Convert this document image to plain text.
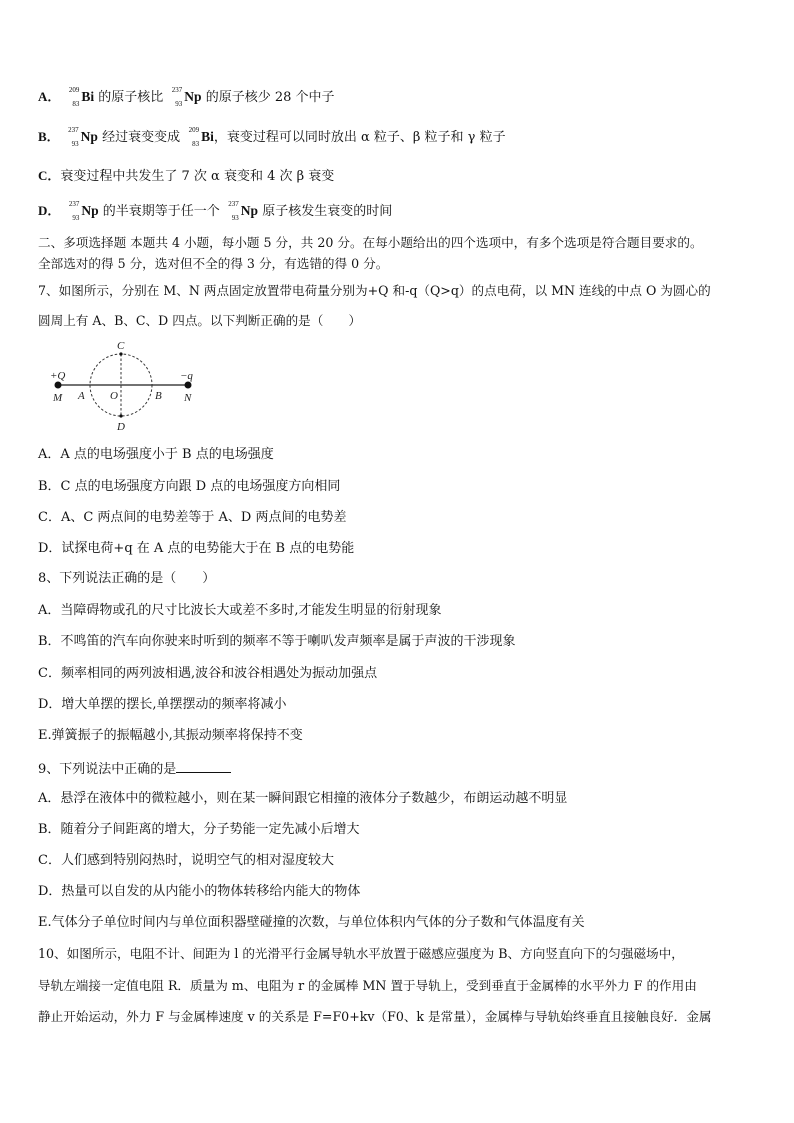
A． 209
83 Bi 的原子核比
237
93 Np 的原子核少 28 个中子
B． 237
93 Np 经过衰变变成
209
83 Bi，衰变过程可以同时放出 α 粒子、β 粒子和 γ 粒子
C．衰变过程中共发生了 7 次 α 衰变和 4 次 β 衰变
D． 237
93 Np 的半衰期等于任一个
237
93 Np 原子核发生衰变的时间
二、多项选择题 本题共 4 小题，每小题 5 分，共 20 分。在每小题给出的四个选项中，有多个选项是符合题目要求的。
全部选对的得 5 分，选对但不全的得 3 分，有选错的得 0 分。
7、如图所示，分别在 M、N 两点固定放置带电荷量分别为+Q 和-q（Q>q）的点电荷，以 MN 连线的中点 O 为圆心的
圆周上有 A、B、C、D 四点。以下判断正确的是（　　）
+Q	−q
M	N
A O	B
C
D
A．A 点的电场强度小于 B 点的电场强度
B．C 点的电场强度方向跟 D 点的电场强度方向相同
C．A、C 两点间的电势差等于 A、D 两点间的电势差
D．试探电荷+q 在 A 点的电势能大于在 B 点的电势能
8、下列说法正确的是（　　）
A．当障碍物或孔的尺寸比波长大或差不多时,才能发生明显的衍射现象
B．不鸣笛的汽车向你驶来时听到的频率不等于喇叭发声频率是属于声波的干涉现象
C．频率相同的两列波相遇,波谷和波谷相遇处为振动加强点
D．增大单摆的摆长,单摆摆动的频率将减小
E.弹簧振子的振幅越小,其振动频率将保持不变
9、下列说法中正确的是
A．悬浮在液体中的微粒越小，则在某一瞬间跟它相撞的液体分子数越少，布朗运动越不明显
B．随着分子间距离的增大，分子势能一定先减小后增大
C．人们感到特别闷热时，说明空气的相对湿度较大
D．热量可以自发的从内能小的物体转移给内能大的物体
E.气体分子单位时间内与单位面积器壁碰撞的次数，与单位体积内气体的分子数和气体温度有关
10、如图所示，电阻不计、间距为 l 的光滑平行金属导轨水平放置于磁感应强度为 B、方向竖直向下的匀强磁场中，
导轨左端接一定值电阻 R．质量为 m、电阻为 r 的金属棒 MN 置于导轨上，受到垂直于金属棒的水平外力 F 的作用由
静止开始运动，外力 F 与金属棒速度 v 的关系是 F=F0+kv（F0、k 是常量），金属棒与导轨始终垂直且接触良好．金属
